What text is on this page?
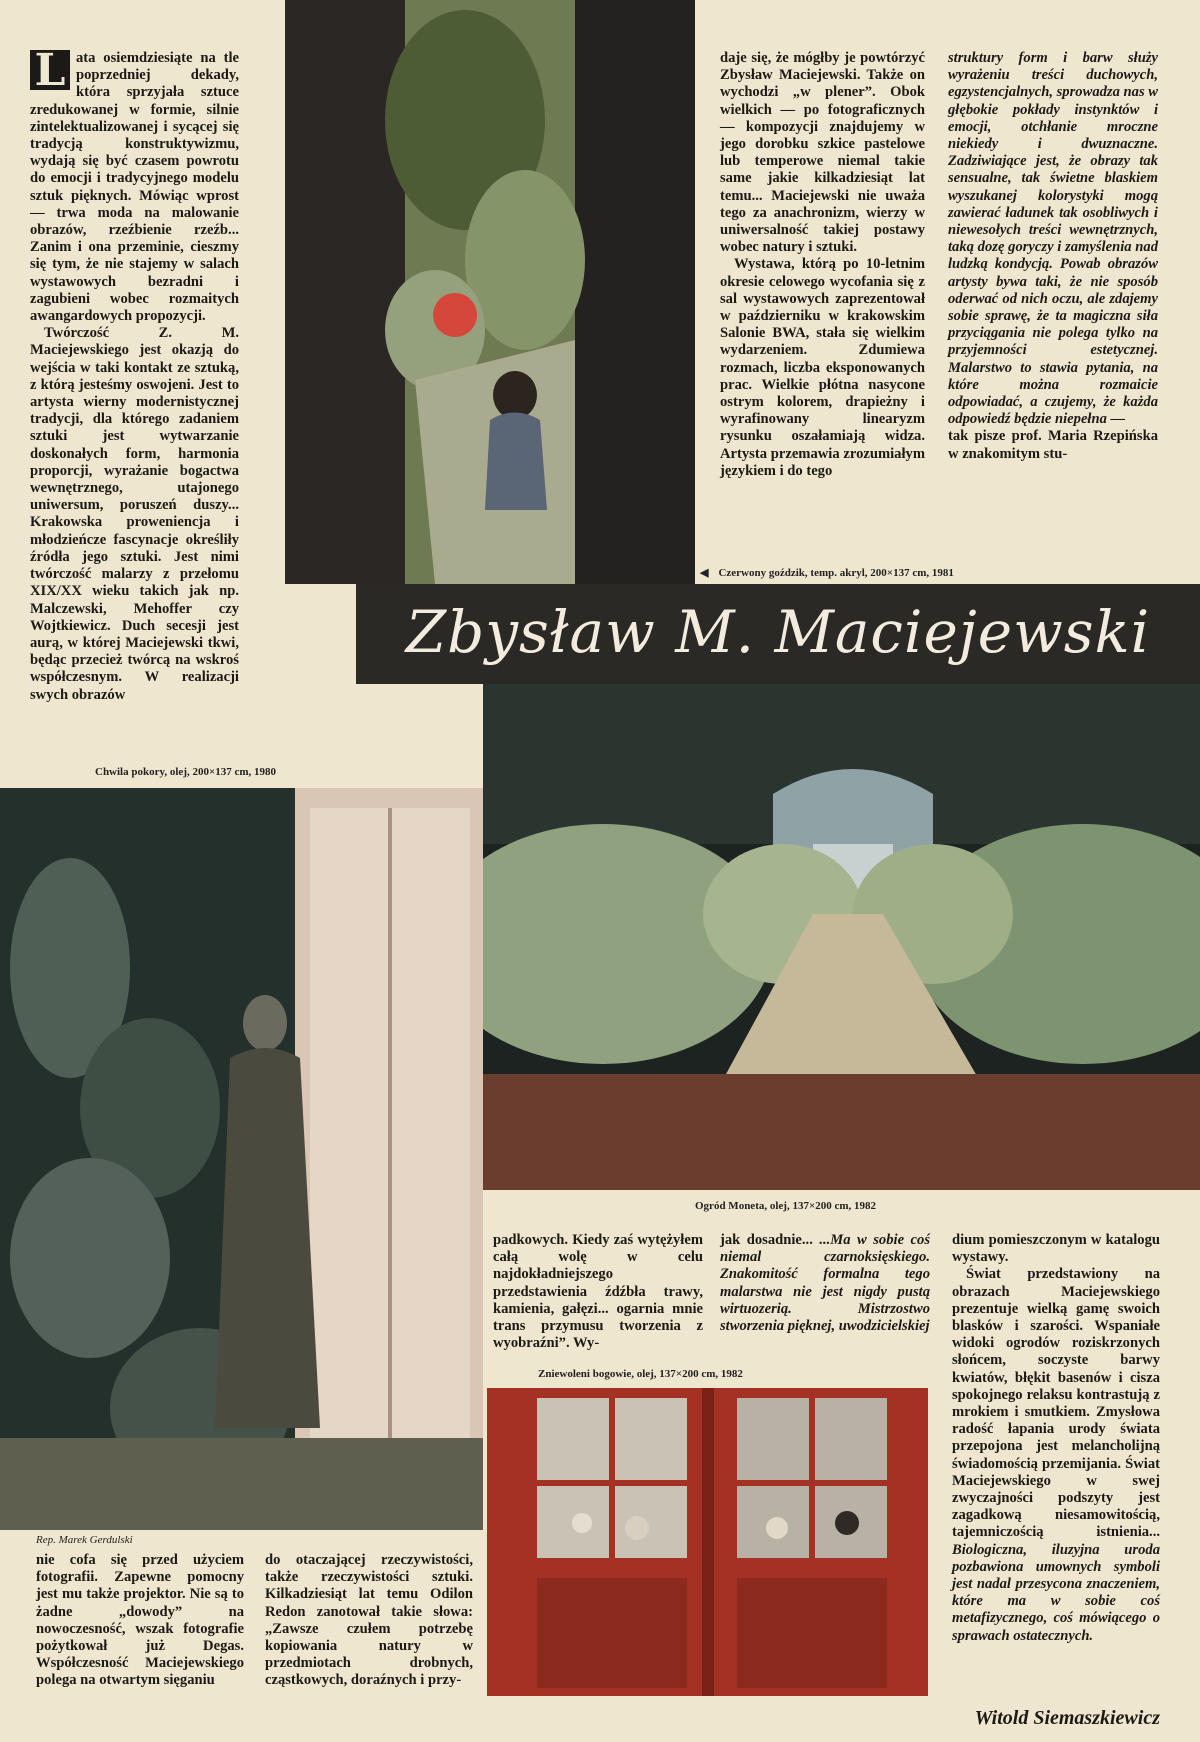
L ata osiemdziesiąte na tle poprzedniej dekady, która sprzyjała sztuce zredukowanej w formie, silnie zintelektualizowanej i sycącej się tradycją konstruktywizmu, wydają się być czasem powrotu do emocji i tradycyjnego modelu sztuk pięknych. Mówiąc wprost — trwa moda na malowanie obrazów, rzeźbienie rzeźb... Zanim i ona przeminie, cieszmy się tym, że nie stajemy w salach wystawowych bezradni i zagubieni wobec rozmaitych awangardowych propozycji.

Twórczość Z. M. Maciejewskiego jest okazją do wejścia w taki kontakt ze sztuką, z którą jesteśmy oswojeni. Jest to artysta wierny modernistycznej tradycji, dla którego zadaniem sztuki jest wytwarzanie doskonałych form, harmonia proporcji, wyrażanie bogactwa wewnętrznego, utajonego uniwersum, poruszeń duszy... Krakowska proweniencja i młodzieńcze fascynacje określiły źródła jego sztuki. Jest nimi twórczość malarzy z przełomu XIX/XX wieku takich jak np. Malczewski, Mehoffer czy Wojtkiewicz. Duch secesji jest aurą, w której Maciejewski tkwi, będąc przecież twórcą na wskroś współczesnym. W realizacji swych obrazów

daje się, że mógłby je powtórzyć Zbysław Maciejewski. Także on wychodzi „w plener”. Obok wielkich — po fotograficznych — kompozycji znajdujemy w jego dorobku szkice pastelowe lub temperowe niemal takie same jakie kilkadziesiąt lat temu... Maciejewski nie uważa tego za anachronizm, wierzy w uniwersalność takiej postawy wobec natury i sztuki.

Wystawa, którą po 10-letnim okresie celowego wycofania się z sal wystawowych zaprezentował w październiku w krakowskim Salonie BWA, stała się wielkim wydarzeniem. Zdumiewa rozmach, liczba eksponowanych prac. Wielkie płótna nasycone ostrym kolorem, drapieżny i wyrafinowany linearyzm rysunku oszałamiają widza. Artysta przemawia zrozumiałym językiem i do tego

struktury form i barw służy wyrażeniu treści duchowych, egzystencjalnych, sprowadza nas w głębokie pokłady instynktów i emocji, otchłanie mroczne niekiedy i dwuznaczne. Zadziwiające jest, że obrazy tak sensualne, tak świetne blaskiem wyszukanej kolorystyki mogą zawierać ładunek tak osobliwych i niewesołych treści wewnętrznych, taką dozę goryczy i zamyślenia nad ludzką kondycją. Powab obrazów artysty bywa taki, że nie sposób oderwać od nich oczu, ale zdajemy sobie sprawę, że ta magiczna siła przyciągania nie polega tylko na przyjemności estetycznej. Malarstwo to stawia pytania, na które można rozmaicie odpowiadać, a czujemy, że każda odpowiedź będzie niepełna —

tak pisze prof. Maria Rzepińska w znakomitym stu-

◀ Czerwony goździk, temp. akryl, 200×137 cm, 1981
Zbysław M. Maciejewski
Chwila pokory, olej, 200×137 cm, 1980
Ogród Moneta, olej, 137×200 cm, 1982

padkowych. Kiedy zaś wytężyłem całą wolę w celu najdokładniejszego przedstawienia źdźbła trawy, kamienia, gałęzi... ogarnia mnie trans przymusu tworzenia z wyobraźni”. Wy-

jak dosadnie... ...Ma w sobie coś niemal czarnoksięskiego. Znakomitość formalna tego malarstwa nie jest nigdy pustą wirtuozerią. Mistrzostwo stworzenia pięknej, uwodzicielskiej

Zniewoleni bogowie, olej, 137×200 cm, 1982
Rep. Marek Gerdulski

nie cofa się przed użyciem fotografii. Zapewne pomocny jest mu także projektor. Nie są to żadne „dowody” na nowoczesność, wszak fotografie pożytkował już Degas. Współczesność Maciejewskiego polega na otwartym sięganiu

do otaczającej rzeczywistości, także rzeczywistości sztuki. Kilkadziesiąt lat temu Odilon Redon zanotował takie słowa: „Zawsze czułem potrzebę kopiowania natury w przedmiotach drobnych, cząstkowych, doraźnych i przy-

dium pomieszczonym w katalogu wystawy.

Świat przedstawiony na obrazach Maciejewskiego prezentuje wielką gamę swoich blasków i szarości. Wspaniałe widoki ogrodów roziskrzonych słońcem, soczyste barwy kwiatów, błękit basenów i cisza spokojnego relaksu kontrastują z mrokiem i smutkiem. Zmysłowa radość łapania urody świata przepojona jest melancholijną świadomością przemijania. Świat Maciejewskiego w swej zwyczajności podszyty jest zagadkową niesamowitością, tajemniczością istnienia... Biologiczna, iluzyjna uroda pozbawiona umownych symboli jest nadal przesycona znaczeniem, które ma w sobie coś metafizycznego, coś mówiącego o sprawach ostatecznych.

Witold Siemaszkiewicz
